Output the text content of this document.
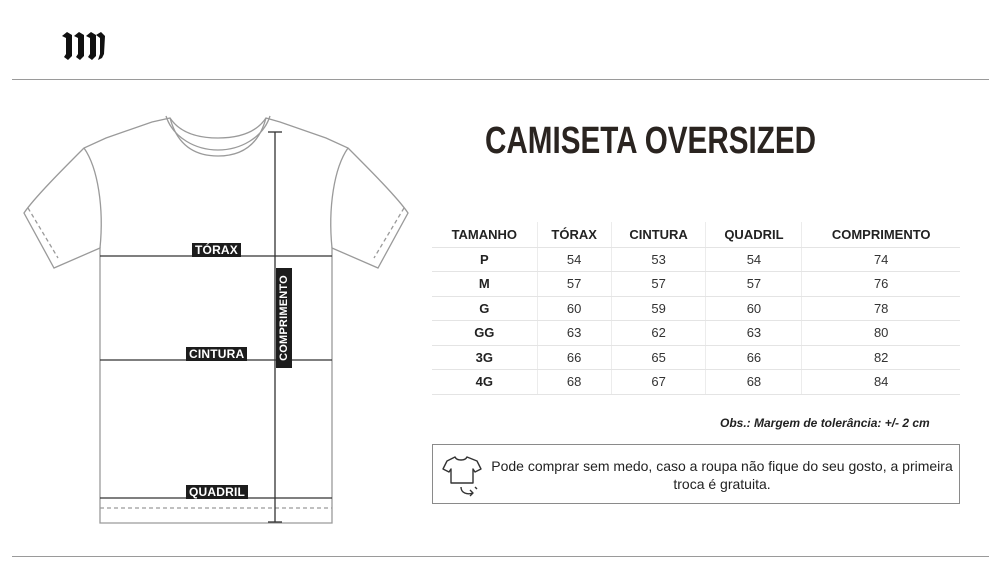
TÓRAX
CINTURA
QUADRIL
COMPRIMENTO
CAMISETA OVERSIZED
TAMANHO	TÓRAX	CINTURA	QUADRIL	COMPRIMENTO
P	54	53	54	74
M	57	57	57	76
G	60	59	60	78
GG	63	62	63	80
3G	66	65	66	82
4G	68	67	68	84
Obs.: Margem de tolerância: +/- 2 cm
Pode comprar sem medo, caso a roupa não fique do seu gosto, a primeira troca é gratuita.
